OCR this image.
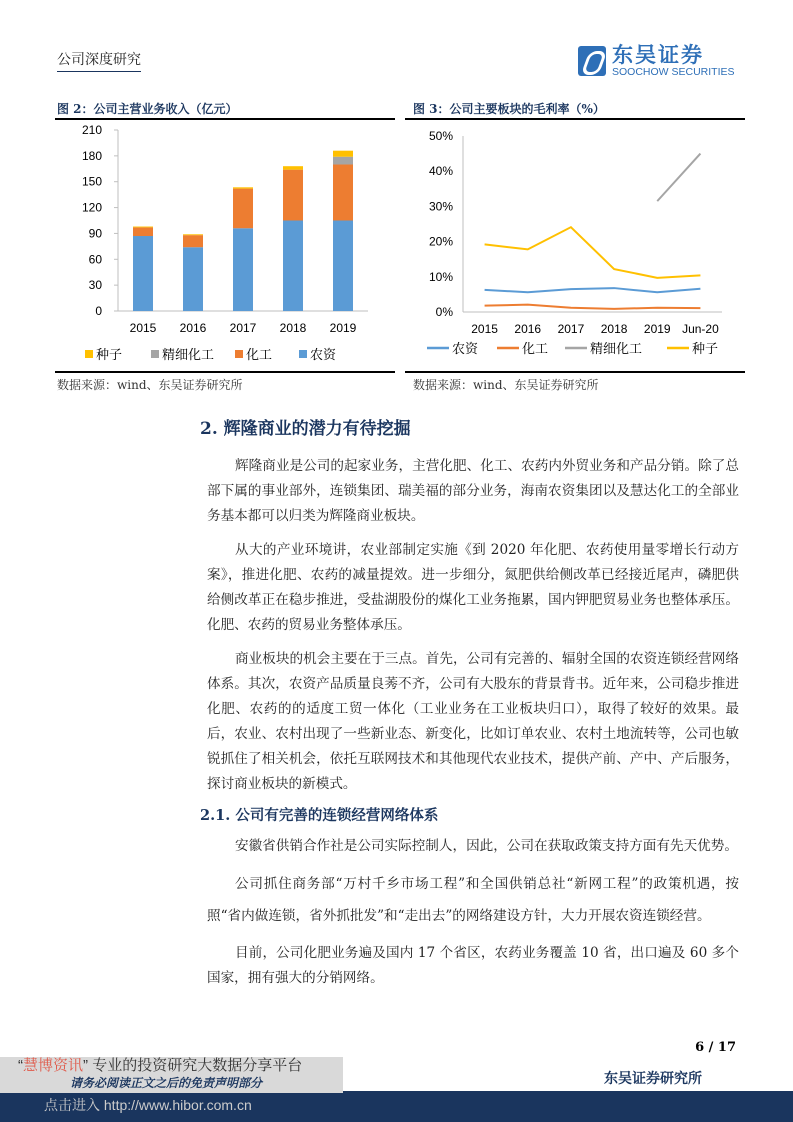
公司深度研究	东吴证券
SOOCHOW SECURITIES
图 2：公司主营业务收入（亿元）
0
30
60
90
120
150
180
210
2015 2016 2017 2018 2019
种子	精细化工 化工	农资
数据来源：wind、东吴证券研究所
图 3：公司主要板块的毛利率（%）
0%
10%
20%
30%
40%
50%
2015 2016 2017 2018 2019 Jun-20
农资	化工	精细化工	种子
数据来源：wind、东吴证券研究所
2. 辉隆商业的潜力有待挖掘
辉隆商业是公司的起家业务，主营化肥、化工、农药内外贸业务和产品分销。除了总部下属的事业部外，连锁集团、瑞美福的部分业务，海南农资集团以及慧达化工的全部业务基本都可以归类为辉隆商业板块。
从大的产业环境讲，农业部制定实施《到 2020 年化肥、农药使用量零增长行动方案》，推进化肥、农药的减量提效。进一步细分，氮肥供给侧改革已经接近尾声，磷肥供给侧改革正在稳步推进，受盐湖股份的煤化工业务拖累，国内钾肥贸易业务也整体承压。化肥、农药的贸易业务整体承压。
商业板块的机会主要在于三点。首先，公司有完善的、辐射全国的农资连锁经营网络体系。其次，农资产品质量良莠不齐，公司有大股东的背景背书。近年来，公司稳步推进化肥、农药的的适度工贸一体化（工业业务在工业板块归口），取得了较好的效果。最后，农业、农村出现了一些新业态、新变化，比如订单农业、农村土地流转等，公司也敏锐抓住了相关机会，依托互联网技术和其他现代农业技术，提供产前、产中、产后服务，探讨商业板块的新模式。
2.1. 公司有完善的连锁经营网络体系
安徽省供销合作社是公司实际控制人，因此，公司在获取政策支持方面有先天优势。
公司抓住商务部“万村千乡市场工程”和全国供销总社“新网工程”的政策机遇，按照“省内做连锁，省外抓批发”和“走出去”的网络建设方针，大力开展农资连锁经营。
目前，公司化肥业务遍及国内 17 个省区，农药业务覆盖 10 省，出口遍及 60 多个国家，拥有强大的分销网络。
6 / 17
东吴证券研究所
“慧博资讯” 专业的投资研究大数据分享平台
请务必阅读正文之后的免责声明部分
点击进入 http://www.hibor.com.cn
